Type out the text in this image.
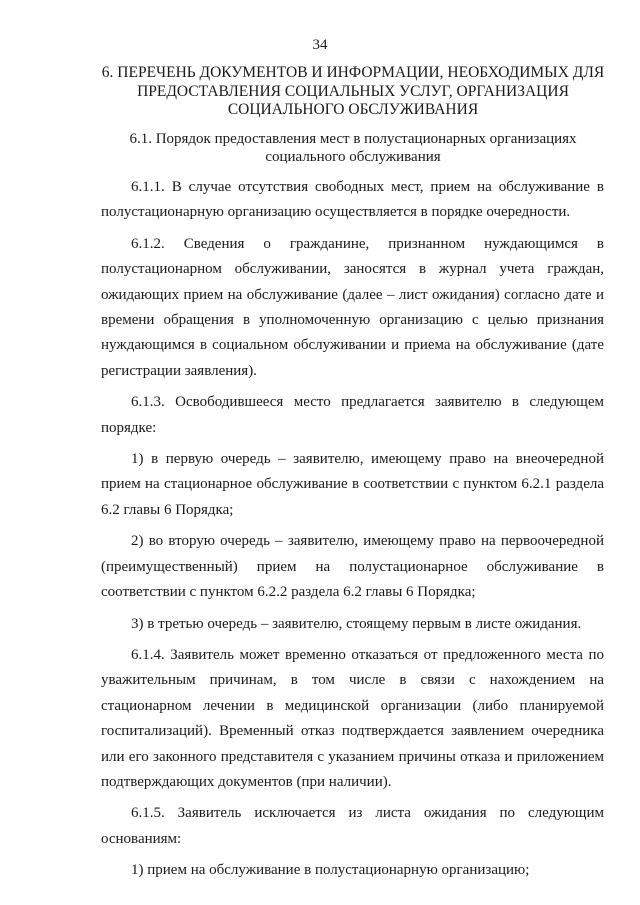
34
6. ПЕРЕЧЕНЬ ДОКУМЕНТОВ И ИНФОРМАЦИИ, НЕОБХОДИМЫХ ДЛЯ ПРЕДОСТАВЛЕНИЯ СОЦИАЛЬНЫХ УСЛУГ, ОРГАНИЗАЦИЯ СОЦИАЛЬНОГО ОБСЛУЖИВАНИЯ
6.1. Порядок предоставления мест в полустационарных организациях социального обслуживания

6.1.1. В случае отсутствия свободных мест, прием на обслуживание в полустационарную организацию осуществляется в порядке очередности.

6.1.2. Сведения о гражданине, признанном нуждающимся в полустационарном обслуживании, заносятся в журнал учета граждан, ожидающих прием на обслуживание (далее – лист ожидания) согласно дате и времени обращения в уполномоченную организацию с целью признания нуждающимся в социальном обслуживании и приема на обслуживание (дате регистрации заявления).

6.1.3. Освободившееся место предлагается заявителю в следующем порядке:

1) в первую очередь – заявителю, имеющему право на внеочередной прием на стационарное обслуживание в соответствии с пунктом 6.2.1 раздела 6.2 главы 6 Порядка;

2) во вторую очередь – заявителю, имеющему право на первоочередной (преимущественный) прием на полустационарное обслуживание в соответствии с пунктом 6.2.2 раздела 6.2 главы 6 Порядка;

3) в третью очередь – заявителю, стоящему первым в листе ожидания.

6.1.4. Заявитель может временно отказаться от предложенного места по уважительным причинам, в том числе в связи с нахождением на стационарном лечении в медицинской организации (либо планируемой госпитализаций). Временный отказ подтверждается заявлением очередника или его законного представителя с указанием причины отказа и приложением подтверждающих документов (при наличии).

6.1.5. Заявитель исключается из листа ожидания по следующим основаниям:

1) прием на обслуживание в полустационарную организацию;
